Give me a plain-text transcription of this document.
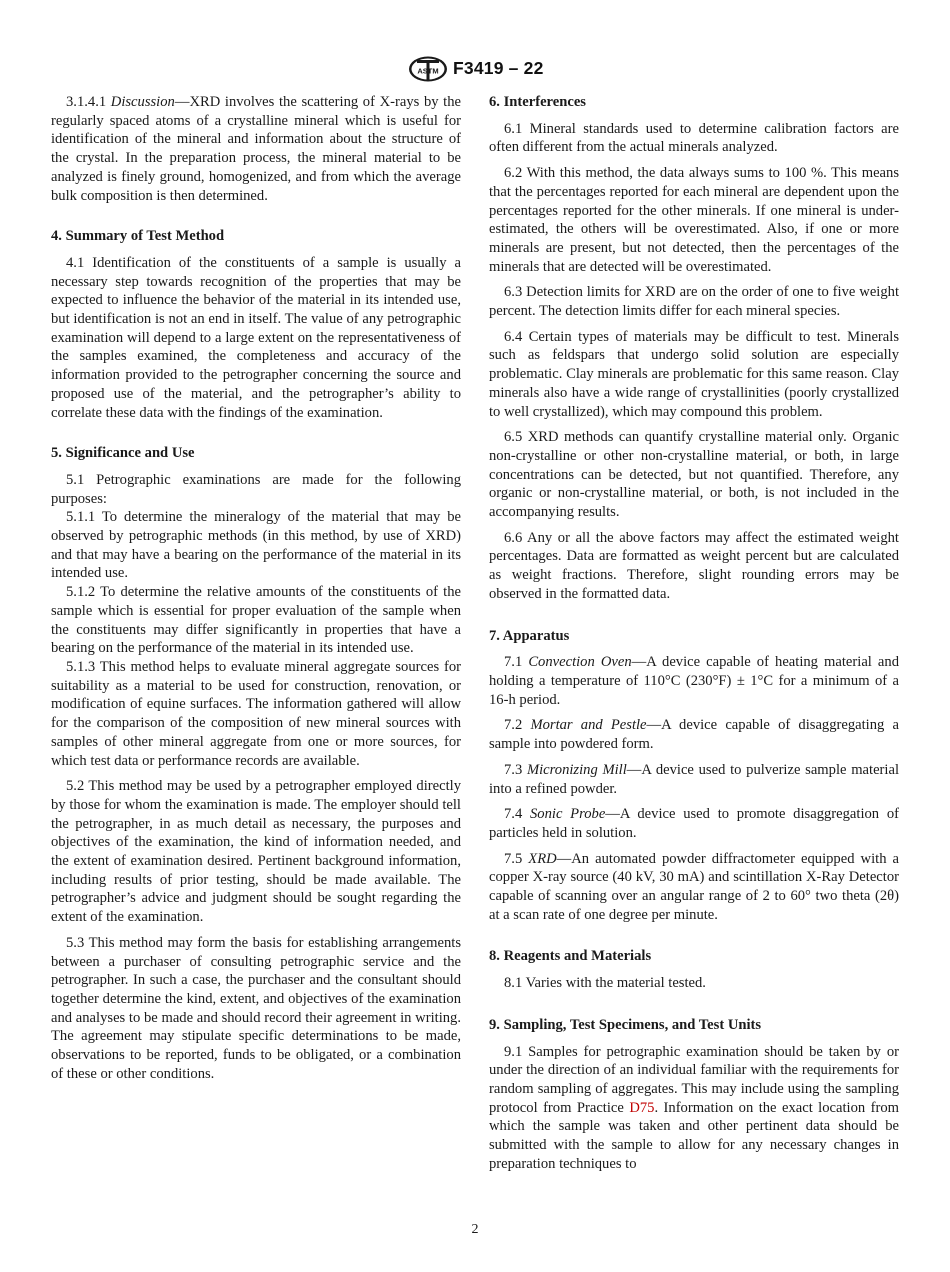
ASTM F3419 – 22

3.1.4.1 Discussion—XRD involves the scattering of X-rays by the regularly spaced atoms of a crystalline mineral which is useful for identification of the mineral and information about the structure of the crystal. In the preparation process, the mineral material to be analyzed is finely ground, homogenized, and from which the average bulk composition is then determined.

4. Summary of Test Method

4.1 Identification of the constituents of a sample is usually a necessary step towards recognition of the properties that may be expected to influence the behavior of the material in its intended use, but identification is not an end in itself. The value of any petrographic examination will depend to a large extent on the representativeness of the samples examined, the completeness and accuracy of the information provided to the petrographer concerning the source and proposed use of the material, and the petrographer’s ability to correlate these data with the findings of the examination.

5. Significance and Use

5.1 Petrographic examinations are made for the following purposes:

5.1.1 To determine the mineralogy of the material that may be observed by petrographic methods (in this method, by use of XRD) and that may have a bearing on the performance of the material in its intended use.

5.1.2 To determine the relative amounts of the constituents of the sample which is essential for proper evaluation of the sample when the constituents may differ significantly in properties that have a bearing on the performance of the material in its intended use.

5.1.3 This method helps to evaluate mineral aggregate sources for suitability as a material to be used for construction, renovation, or modification of equine surfaces. The information gathered will allow for the comparison of the composition of new mineral sources with samples of other mineral aggregate from one or more sources, for which test data or performance records are available.

5.2 This method may be used by a petrographer employed directly by those for whom the examination is made. The employer should tell the petrographer, in as much detail as necessary, the purposes and objectives of the examination, the kind of information needed, and the extent of examination desired. Pertinent background information, including results of prior testing, should be made available. The petrographer’s advice and judgment should be sought regarding the extent of the examination.

5.3 This method may form the basis for establishing arrangements between a purchaser of consulting petrographic service and the petrographer. In such a case, the purchaser and the consultant should together determine the kind, extent, and objectives of the examination and analyses to be made and should record their agreement in writing. The agreement may stipulate specific determinations to be made, observations to be reported, funds to be obligated, or a combination of these or other conditions.

6. Interferences

6.1 Mineral standards used to determine calibration factors are often different from the actual minerals analyzed.

6.2 With this method, the data always sums to 100 %. This means that the percentages reported for each mineral are dependent upon the percentages reported for the other minerals. If one mineral is under-estimated, the others will be overestimated. Also, if one or more minerals are present, but not detected, then the percentages of the minerals that are detected will be overestimated.

6.3 Detection limits for XRD are on the order of one to five weight percent. The detection limits differ for each mineral species.

6.4 Certain types of materials may be difficult to test. Minerals such as feldspars that undergo solid solution are especially problematic. Clay minerals are problematic for this same reason. Clay minerals also have a wide range of crystallinities (poorly crystallized to well crystallized), which may compound this problem.

6.5 XRD methods can quantify crystalline material only. Organic non-crystalline or other non-crystalline material, or both, in large concentrations can be detected, but not quantified. Therefore, any organic or non-crystalline material, or both, is not included in the accompanying results.

6.6 Any or all the above factors may affect the estimated weight percentages. Data are formatted as weight percent but are calculated as weight fractions. Therefore, slight rounding errors may be observed in the formatted data.

7. Apparatus

7.1 Convection Oven—A device capable of heating material and holding a temperature of 110°C (230°F) ± 1°C for a minimum of a 16-h period.

7.2 Mortar and Pestle—A device capable of disaggregating a sample into powdered form.

7.3 Micronizing Mill—A device used to pulverize sample material into a refined powder.

7.4 Sonic Probe—A device used to promote disaggregation of particles held in solution.

7.5 XRD—An automated powder diffractometer equipped with a copper X-ray source (40 kV, 30 mA) and scintillation X-Ray Detector capable of scanning over an angular range of 2 to 60° two theta (2θ) at a scan rate of one degree per minute.

8. Reagents and Materials

8.1 Varies with the material tested.

9. Sampling, Test Specimens, and Test Units

9.1 Samples for petrographic examination should be taken by or under the direction of an individual familiar with the requirements for random sampling of aggregates. This may include using the sampling protocol from Practice D75. Information on the exact location from which the sample was taken and other pertinent data should be submitted with the sample to allow for any necessary changes in preparation techniques to

2
